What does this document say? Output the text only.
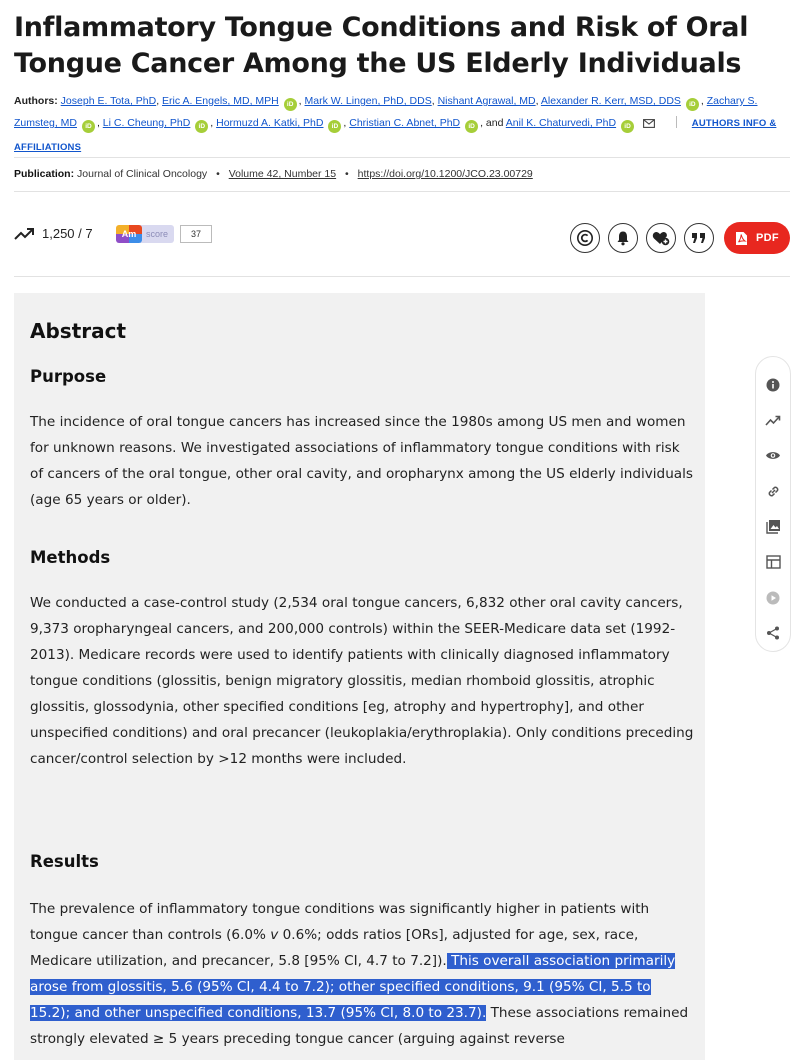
Inflammatory Tongue Conditions and Risk of Oral Tongue Cancer Among the US Elderly Individuals
Authors: Joseph E. Tota, PhD, Eric A. Engels, MD, MPH iD , Mark W. Lingen, PhD, DDS, Nishant Agrawal, MD, Alexander R. Kerr, MSD, DDS iD , Zachary S. Zumsteg, MD iD , Li C. Cheung, PhD iD , Hormuzd A. Katki, PhD iD , Christian C. Abnet, PhD iD , and Anil K. Chaturvedi, PhD iD	AUTHORS INFO & AFFILIATIONS
Publication: Journal of Clinical Oncology • Volume 42, Number 15 • https://doi.org/10.1200/JCO.23.00729
1,250 / 7	Am	score	37	PDF
Abstract
Purpose
The incidence of oral tongue cancers has increased since the 1980s among US men and women for unknown reasons. We investigated associations of inflammatory tongue conditions with risk of cancers of the oral tongue, other oral cavity, and oropharynx among the US elderly individuals (age 65 years or older).
Methods
We conducted a case-control study (2,534 oral tongue cancers, 6,832 other oral cavity cancers, 9,373 oropharyngeal cancers, and 200,000 controls) within the SEER-Medicare data set (1992-2013). Medicare records were used to identify patients with clinically diagnosed inflammatory tongue conditions (glossitis, benign migratory glossitis, median rhomboid glossitis, atrophic glossitis, glossodynia, other specified conditions [eg, atrophy and hypertrophy], and other unspecified conditions) and oral precancer (leukoplakia/erythroplakia). Only conditions preceding cancer/control selection by >12 months were included.
Results
The prevalence of inflammatory tongue conditions was significantly higher in patients with tongue cancer than controls (6.0% v 0.6%; odds ratios [ORs], adjusted for age, sex, race, Medicare utilization, and precancer, 5.8 [95% CI, 4.7 to 7.2]). This overall association primarily arose from glossitis, 5.6 (95% CI, 4.4 to 7.2); other specified conditions, 9.1 (95% CI, 5.5 to 15.2); and other unspecified conditions, 13.7 (95% CI, 8.0 to 23.7). These associations remained strongly elevated ≥ 5 years preceding tongue cancer (arguing against reverse
